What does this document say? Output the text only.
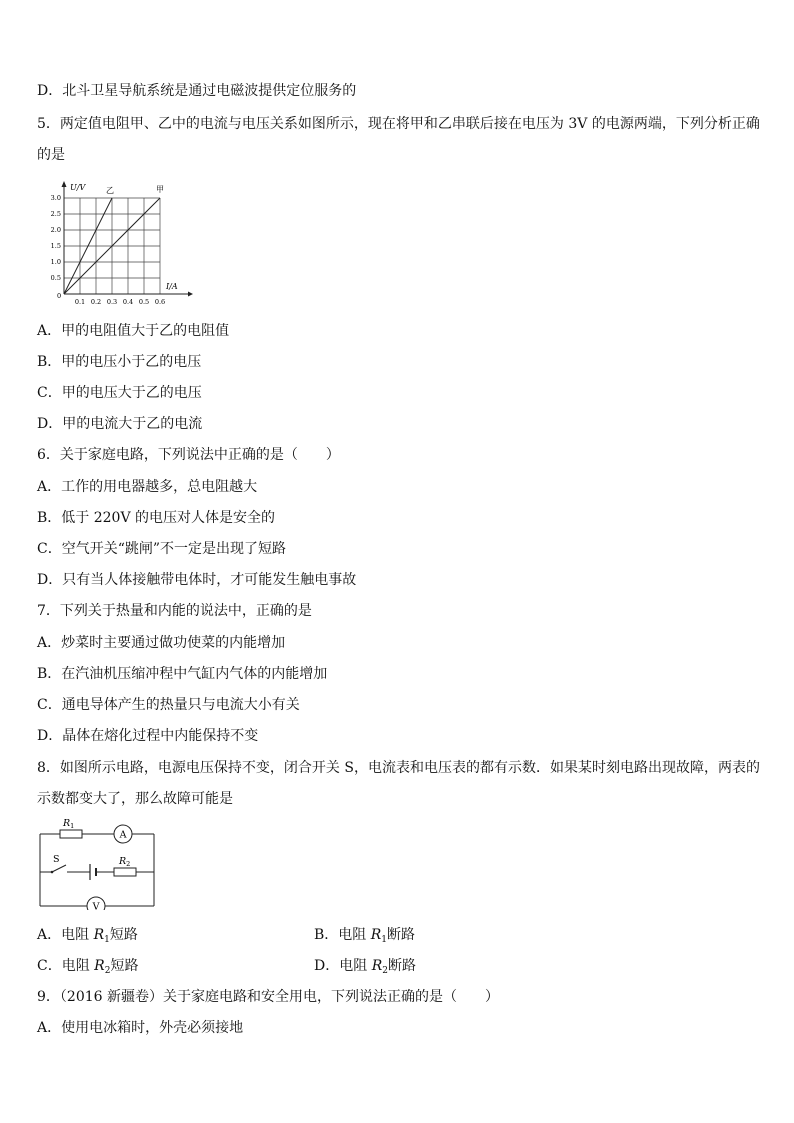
D．北斗卫星导航系统是通过电磁波提供定位服务的
5．两定值电阻甲、乙中的电流与电压关系如图所示，现在将甲和乙串联后接在电压为 3V 的电源两端，下列分析正确
的是
U/V
I/A
乙	甲
0
0.5
1.0
1.5
2.0
2.5
3.0
0.1 0.2 0.3 0.4 0.5 0.6
A．甲的电阻值大于乙的电阻值
B．甲的电压小于乙的电压
C．甲的电压大于乙的电压
D．甲的电流大于乙的电流
6．关于家庭电路，下列说法中正确的是（　　）
A．工作的用电器越多，总电阻越大
B．低于 220V 的电压对人体是安全的
C．空气开关“跳闸”不一定是出现了短路
D．只有当人体接触带电体时，才可能发生触电事故
7．下列关于热量和内能的说法中，正确的是
A．炒菜时主要通过做功使菜的内能增加
B．在汽油机压缩冲程中气缸内气体的内能增加
C．通电导体产生的热量只与电流大小有关
D．晶体在熔化过程中内能保持不变
8．如图所示电路，电源电压保持不变，闭合开关 S，电流表和电压表的都有示数．如果某时刻电路出现故障，两表的
示数都变大了，那么故障可能是
$R_1$
$R_2$
S
A
V
A．电阻 $R_1$短路	B．电阻 $R_1$断路
C．电阻 $R_2$短路	D．电阻 $R_2$断路
9．（2016 新疆卷）关于家庭电路和安全用电，下列说法正确的是（　　）
A．使用电冰箱时，外壳必须接地
